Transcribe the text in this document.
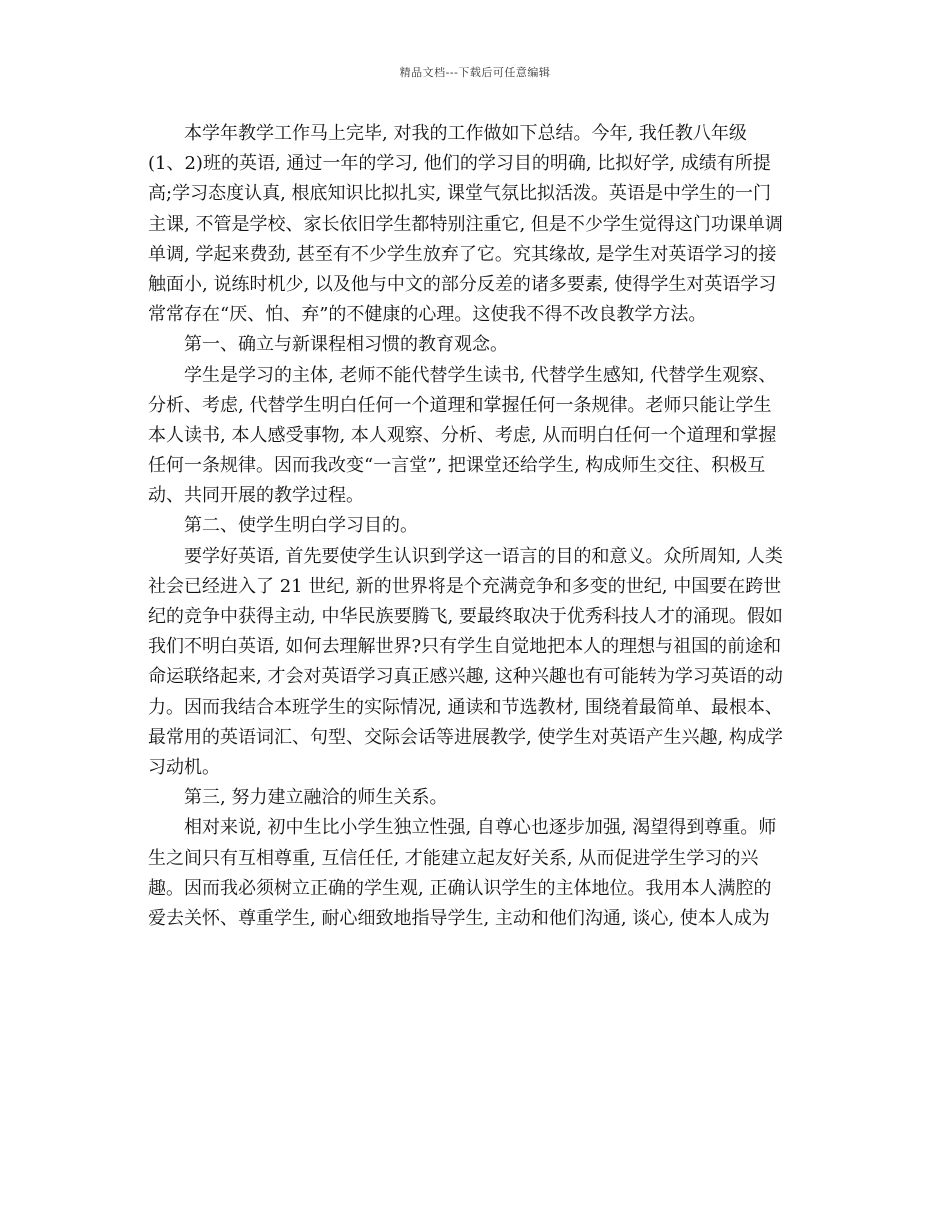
精品文档---下载后可任意编辑
本学年教学工作马上完毕, 对我的工作做如下总结。今年, 我任教八年级
(1、2)班的英语, 通过一年的学习, 他们的学习目的明确, 比拟好学, 成绩有所提
高;学习态度认真, 根底知识比拟扎实, 课堂气氛比拟活泼。英语是中学生的一门
主课, 不管是学校、家长依旧学生都特别注重它, 但是不少学生觉得这门功课单调
单调, 学起来费劲, 甚至有不少学生放弃了它。究其缘故, 是学生对英语学习的接
触面小, 说练时机少, 以及他与中文的部分反差的诸多要素, 使得学生对英语学习
常常存在“厌、怕、弃”的不健康的心理。这使我不得不改良教学方法。
第一、确立与新课程相习惯的教育观念。
学生是学习的主体, 老师不能代替学生读书, 代替学生感知, 代替学生观察、
分析、考虑, 代替学生明白任何一个道理和掌握任何一条规律。老师只能让学生
本人读书, 本人感受事物, 本人观察、分析、考虑, 从而明白任何一个道理和掌握
任何一条规律。因而我改变“一言堂”, 把课堂还给学生, 构成师生交往、积极互
动、共同开展的教学过程。
第二、使学生明白学习目的。
要学好英语, 首先要使学生认识到学这一语言的目的和意义。众所周知, 人类
社会已经进入了 21 世纪, 新的世界将是个充满竞争和多变的世纪, 中国要在跨世
纪的竞争中获得主动, 中华民族要腾飞, 要最终取决于优秀科技人才的涌现。假如
我们不明白英语, 如何去理解世界?只有学生自觉地把本人的理想与祖国的前途和
命运联络起来, 才会对英语学习真正感兴趣, 这种兴趣也有可能转为学习英语的动
力。因而我结合本班学生的实际情况, 通读和节选教材, 围绕着最简单、最根本、
最常用的英语词汇、句型、交际会话等进展教学, 使学生对英语产生兴趣, 构成学
习动机。
第三, 努力建立融洽的师生关系。
相对来说, 初中生比小学生独立性强, 自尊心也逐步加强, 渴望得到尊重。师
生之间只有互相尊重, 互信任任, 才能建立起友好关系, 从而促进学生学习的兴
趣。因而我必须树立正确的学生观, 正确认识学生的主体地位。我用本人满腔的
爱去关怀、尊重学生, 耐心细致地指导学生, 主动和他们沟通, 谈心, 使本人成为
